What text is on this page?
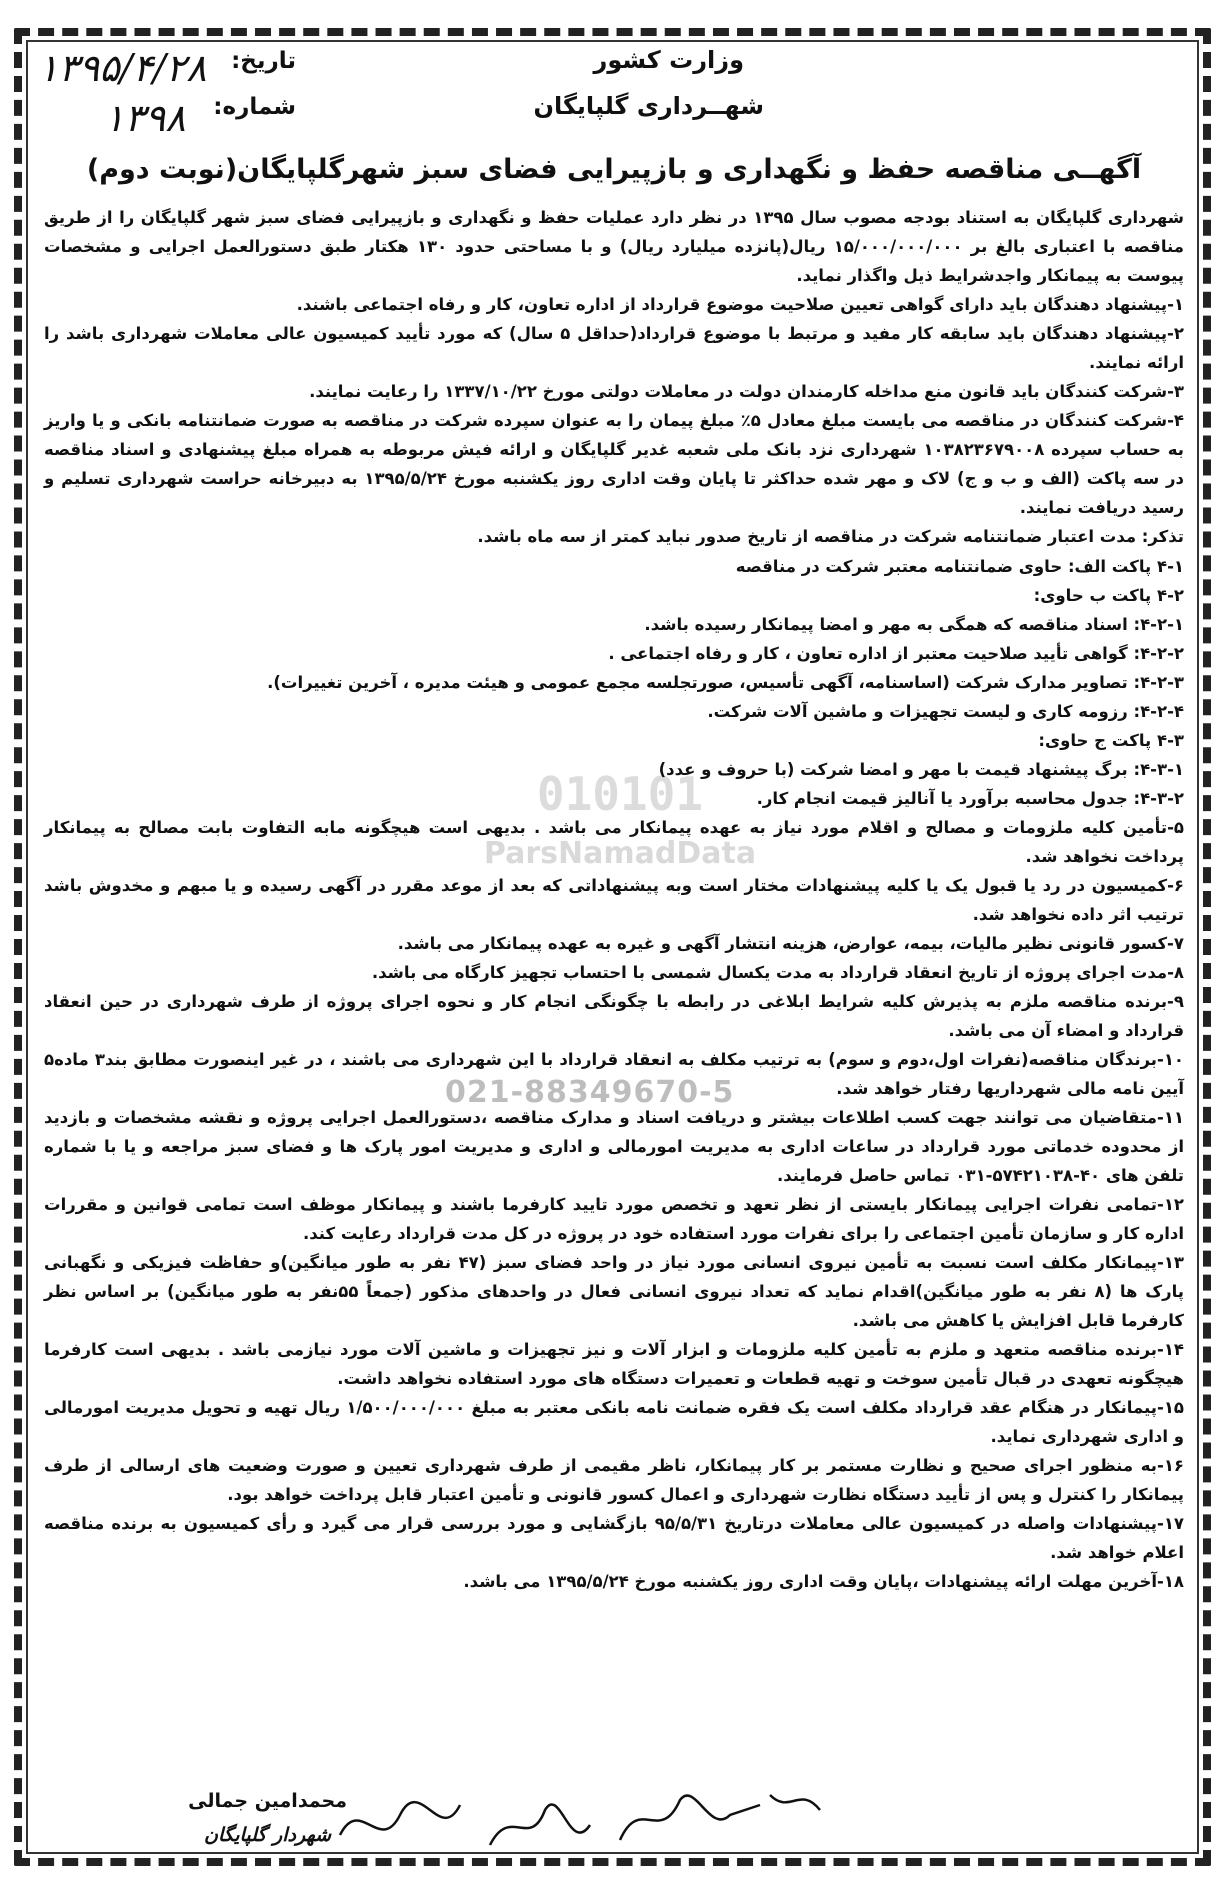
010101
ParsNamadData
021-88349670-5
وزارت کشور
شهــرداری گلپایگان
تاریخ:
شماره:
۱۳۹۵/۴/۲۸
۱۳۹۸
آگهــی مناقصه حفظ و نگهداری و بازپیرایی فضای سبز شهرگلپایگان(نوبت دوم)
شهرداری گلپایگان به استناد بودجه مصوب سال ۱۳۹۵ در نظر دارد عملیات حفظ و نگهداری و بازپیرایی فضای سبز شهر گلپایگان را از طریق مناقصه با اعتباری بالغ بر ۱۵/۰۰۰/۰۰۰/۰۰۰ ریال(پانزده میلیارد ریال) و با مساحتی حدود ۱۳۰ هکتار طبق دستورالعمل اجرایی و مشخصات پیوست به پیمانکار واجدشرایط ذیل واگذار نماید.
۱-پیشنهاد دهندگان باید دارای گواهی تعیین صلاحیت موضوع قرارداد از اداره تعاون، کار و رفاه اجتماعی باشند.
۲-پیشنهاد دهندگان باید سابقه کار مفید و مرتبط با موضوع قرارداد(حداقل ۵ سال) که مورد تأیید کمیسیون عالی معاملات شهرداری باشد را ارائه نمایند.
۳-شرکت کنندگان باید قانون منع مداخله کارمندان دولت در معاملات دولتی مورخ ۱۳۳۷/۱۰/۲۲ را رعایت نمایند.
۴-شرکت کنندگان در مناقصه می بایست مبلغ معادل ۵٪ مبلغ پیمان را به عنوان سپرده شرکت در مناقصه به صورت ضمانتنامه بانکی و یا واریز به حساب سپرده ۱۰۳۸۲۳۶۷۹۰۰۸ شهرداری نزد بانک ملی شعبه غدیر گلپایگان و ارائه فیش مربوطه به همراه مبلغ پیشنهادی و اسناد مناقصه در سه پاکت (الف و ب و ج) لاک و مهر شده حداکثر تا پایان وقت اداری روز یکشنبه مورخ ۱۳۹۵/۵/۲۴ به دبیرخانه حراست شهرداری تسلیم و رسید دریافت نمایند.
تذکر: مدت اعتبار ضمانتنامه شرکت در مناقصه از تاریخ صدور نباید کمتر از سه ماه باشد.
۴-۱ پاکت الف: حاوی ضمانتنامه معتبر شرکت در مناقصه
۴-۲ پاکت ب حاوی:
۴-۲-۱: اسناد مناقصه که همگی به مهر و امضا پیمانکار رسیده باشد.
۴-۲-۲: گواهی تأیید صلاحیت معتبر از اداره تعاون ، کار و رفاه اجتماعی .
۴-۲-۳: تصاویر مدارک شرکت (اساسنامه، آگهی تأسیس، صورتجلسه مجمع عمومی و هیئت مدیره ، آخرین تغییرات).
۴-۲-۴: رزومه کاری و لیست تجهیزات و ماشین آلات شرکت.
۴-۳ پاکت ج حاوی:
۴-۳-۱: برگ پیشنهاد قیمت با مهر و امضا شرکت (با حروف و عدد)
۴-۳-۲: جدول محاسبه برآورد یا آنالیز قیمت انجام کار.
۵-تأمین کلیه ملزومات و مصالح و اقلام مورد نیاز به عهده پیمانکار می باشد . بدیهی است هیچگونه مابه التفاوت بابت مصالح به پیمانکار پرداخت نخواهد شد.
۶-کمیسیون در رد یا قبول یک یا کلیه پیشنهادات مختار است وبه پیشنهاداتی که بعد از موعد مقرر در آگهی رسیده و یا مبهم و مخدوش باشد ترتیب اثر داده نخواهد شد.
۷-کسور قانونی نظیر مالیات، بیمه، عوارض، هزینه انتشار آگهی و غیره به عهده پیمانکار می باشد.
۸-مدت اجرای پروژه از تاریخ انعقاد قرارداد به مدت یکسال شمسی با احتساب تجهیز کارگاه می باشد.
۹-برنده مناقصه ملزم به پذیرش کلیه شرایط ابلاغی در رابطه با چگونگی انجام کار و نحوه اجرای پروژه از طرف شهرداری در حین انعقاد قرارداد و امضاء آن می باشد.
۱۰-برندگان مناقصه(نفرات اول،دوم و سوم) به ترتیب مکلف به انعقاد قرارداد با این شهرداری می باشند ، در غیر اینصورت مطابق بند۳ ماده۵ آیین نامه مالی شهرداریها رفتار خواهد شد.
۱۱-متقاضیان می توانند جهت کسب اطلاعات بیشتر و دریافت اسناد و مدارک مناقصه ،دستورالعمل اجرایی پروژه و نقشه مشخصات و بازدید از محدوده خدماتی مورد قرارداد در ساعات اداری به مدیریت امورمالی و اداری و مدیریت امور پارک ها و فضای سبز مراجعه و یا با شماره تلفن های ۴۰-۵۷۴۲۱۰۳۸-۰۳۱ تماس حاصل فرمایند.
۱۲-تمامی نفرات اجرایی پیمانکار بایستی از نظر تعهد و تخصص مورد تایید کارفرما باشند و پیمانکار موظف است تمامی قوانین و مقررات اداره کار و سازمان تأمین اجتماعی را برای نفرات مورد استفاده خود در پروژه در کل مدت قرارداد رعایت کند.
۱۳-پیمانکار مکلف است نسبت به تأمین نیروی انسانی مورد نیاز در واحد فضای سبز (۴۷ نفر به طور میانگین)و حفاظت فیزیکی و نگهبانی پارک ها (۸ نفر به طور میانگین)اقدام نماید که تعداد نیروی انسانی فعال در واحدهای مذکور (جمعاً ۵۵نفر به طور میانگین) بر اساس نظر کارفرما قابل افزایش یا کاهش می باشد.
۱۴-برنده مناقصه متعهد و ملزم به تأمین کلیه ملزومات و ابزار آلات و نیز تجهیزات و ماشین آلات مورد نیازمی باشد . بدیهی است کارفرما هیچگونه تعهدی در قبال تأمین سوخت و تهیه قطعات و تعمیرات دستگاه های مورد استفاده نخواهد داشت.
۱۵-پیمانکار در هنگام عقد قرارداد مکلف است یک فقره ضمانت نامه بانکی معتبر به مبلغ ۱/۵۰۰/۰۰۰/۰۰۰ ریال تهیه و تحویل مدیریت امورمالی و اداری شهرداری نماید.
۱۶-به منظور اجرای صحیح و نظارت مستمر بر کار پیمانکار، ناظر مقیمی از طرف شهرداری تعیین و صورت وضعیت های ارسالی از طرف پیمانکار را کنترل و پس از تأیید دستگاه نظارت شهرداری و اعمال کسور قانونی و تأمین اعتبار قابل پرداخت خواهد بود.
۱۷-پیشنهادات واصله در کمیسیون عالی معاملات درتاریخ ۹۵/۵/۳۱ بازگشایی و مورد بررسی قرار می گیرد و رأی کمیسیون به برنده مناقصه اعلام خواهد شد.
۱۸-آخرین مهلت ارائه پیشنهادات ،پایان وقت اداری روز یکشنبه مورخ ۱۳۹۵/۵/۲۴ می باشد.
محمدامین جمالی
شهردار گلپایگان
